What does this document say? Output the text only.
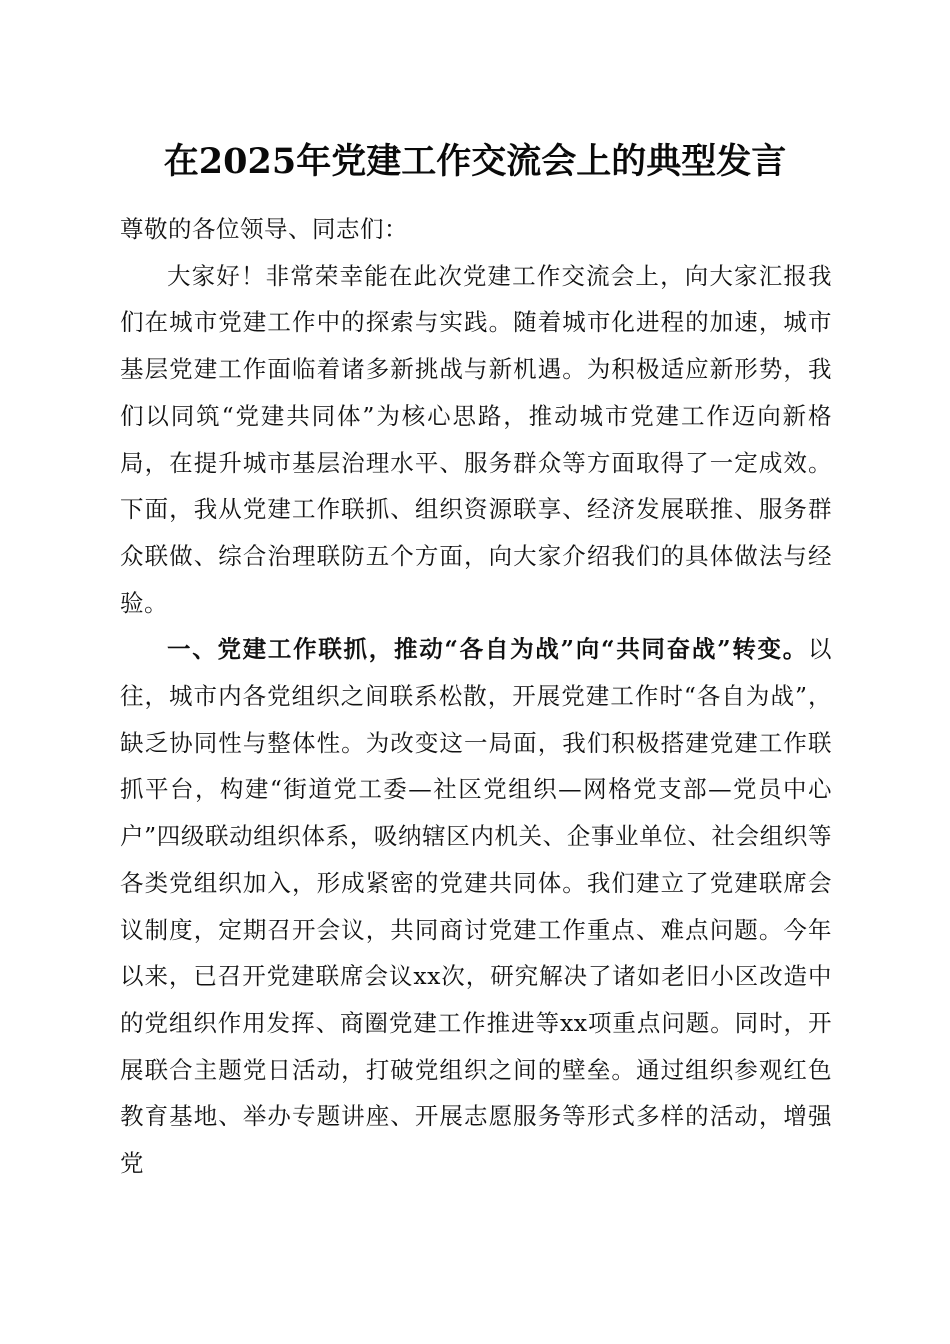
在2025年党建工作交流会上的典型发言

尊敬的各位领导、同志们：

大家好！非常荣幸能在此次党建工作交流会上，向大家汇报我们在城市党建工作中的探索与实践。随着城市化进程的加速，城市基层党建工作面临着诸多新挑战与新机遇。为积极适应新形势，我们以同筑“党建共同体”为核心思路，推动城市党建工作迈向新格局，在提升城市基层治理水平、服务群众等方面取得了一定成效。下面，我从党建工作联抓、组织资源联享、经济发展联推、服务群众联做、综合治理联防五个方面，向大家介绍我们的具体做法与经验。

一、党建工作联抓，推动“各自为战”向“共同奋战”转变。以往，城市内各党组织之间联系松散，开展党建工作时“各自为战”，缺乏协同性与整体性。为改变这一局面，我们积极搭建党建工作联抓平台，构建“街道党工委—社区党组织—网格党支部—党员中心户”四级联动组织体系，吸纳辖区内机关、企事业单位、社会组织等各类党组织加入，形成紧密的党建共同体。我们建立了党建联席会议制度，定期召开会议，共同商讨党建工作重点、难点问题。今年以来，已召开党建联席会议xx次，研究解决了诸如老旧小区改造中的党组织作用发挥、商圈党建工作推进等xx项重点问题。同时，开展联合主题党日活动，打破党组织之间的壁垒。通过组织参观红色教育基地、举办专题讲座、开展志愿服务等形式多样的活动，增强党
